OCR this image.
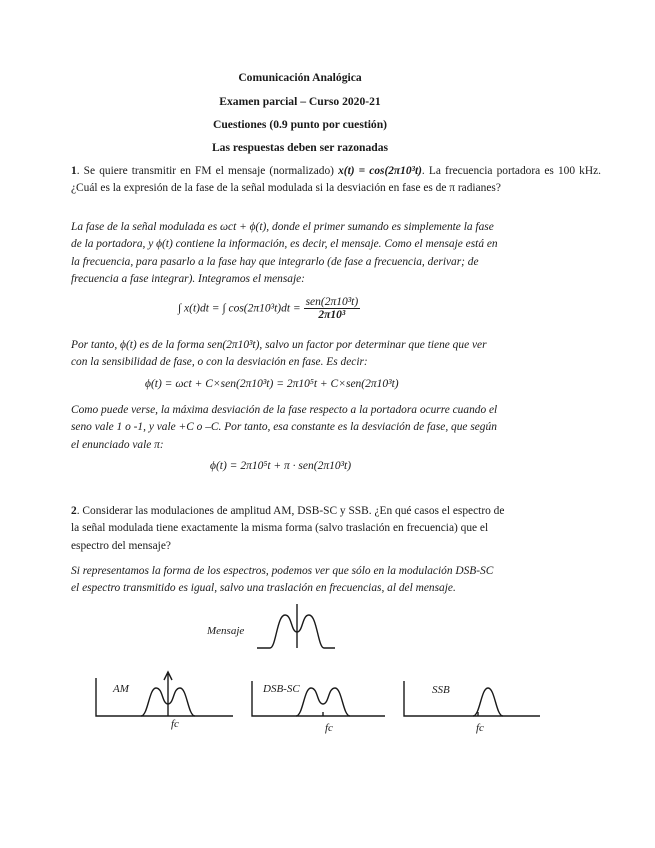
Comunicación Analógica
Examen parcial – Curso 2020-21
Cuestiones (0.9 punto por cuestión)
Las respuestas deben ser razonadas
1. Se quiere transmitir en FM el mensaje (normalizado) x(t) = cos(2π10³t). La frecuencia portadora es 100 kHz. ¿Cuál es la expresión de la fase de la señal modulada si la desviación en fase es de π radianes?
La fase de la señal modulada es ωct + ϕ(t), donde el primer sumando es simplemente la fase
de la portadora, y ϕ(t) contiene la información, es decir, el mensaje. Como el mensaje está en
la frecuencia, para pasarlo a la fase hay que integrarlo (de fase a frecuencia, derivar; de
frecuencia a fase integrar). Integramos el mensaje:
∫ x(t)dt = ∫ $\cos(2\pi 10^3t)dt = \frac{\text{sen(2π10³t)}}{\text{2π10³}}$
Por tanto, ϕ(t) es de la forma sen(2π10³t), salvo un factor por determinar que tiene que ver
con la sensibilidad de fase, o con la desviación en fase. Es decir:
ϕ(t) = ωct + C×sen(2π10³t) = 2π10⁵t + C×sen(2π10³t)
Como puede verse, la máxima desviación de la fase respecto a la portadora ocurre cuando el
seno vale 1 o -1, y vale +C o –C. Por tanto, esa constante es la desviación de fase, que según
el enunciado vale π:
ϕ(t) = 2π10⁵t + π · sen(2π10³t)
2. Considerar las modulaciones de amplitud AM, DSB-SC y SSB. ¿En qué casos el espectro de
la señal modulada tiene exactamente la misma forma (salvo traslación en frecuencia) que el
espectro del mensaje?
Si representamos la forma de los espectros, podemos ver que sólo en la modulación DSB-SC
el espectro transmitido es igual, salvo una traslación en frecuencias, al del mensaje.
Mensaje
AM	DSB-SC	SSB
fc	fc	fc
